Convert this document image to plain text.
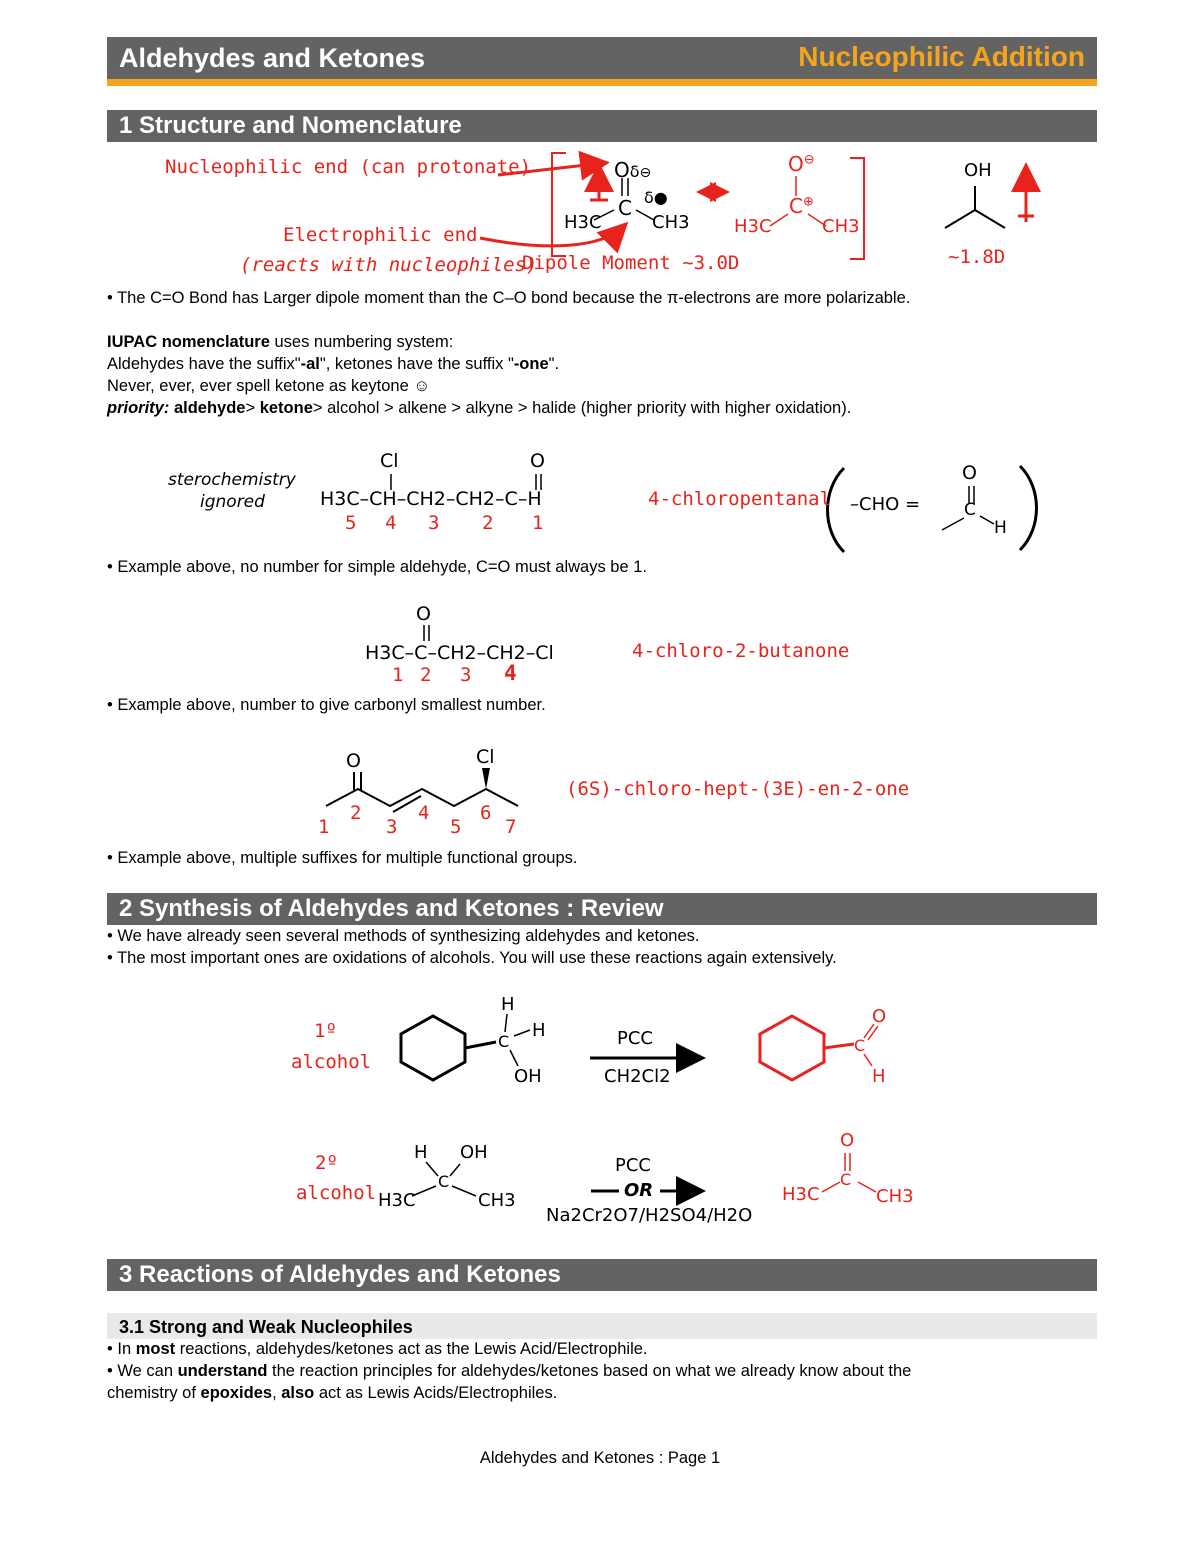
Aldehydes and Ketones	Nucleophilic Addition
1 Structure and Nomenclature
Nucleophilic end (can protonate)
Electrophilic end
(reacts with nucleophiles)
Dipole Moment ~3.0D	~1.8D
Oδ⊖
δ●
C
H3C	CH3
O⊖
C⊕
H3C	CH3
OH
• The C=O Bond has Larger dipole moment than the C–O bond because the π-electrons are more polarizable.
IUPAC nomenclature uses numbering system:
Aldehydes have the suffix"-al", ketones have the suffix "-one".
Never, ever, ever spell ketone as keytone ☺
priority: aldehyde> ketone> alcohol > alkene > alkyne > halide (higher priority with higher oxidation).
sterochemistry
ignored
Cl	O
H3C–CH–CH2–CH2–C–H
5 4 3 2 1
4-chloropentanal –CHO =
O
C
H
• Example above, no number for simple aldehyde, C=O must always be 1.
O
H3C–C–CH2–CH2–Cl
1 2 3 4
4-chloro-2-butanone
• Example above, number to give carbonyl smallest number.
O	Cl
1
2
3
4
5
6
7
(6S)-chloro-hept-(3E)-en-2-one
• Example above, multiple suffixes for multiple functional groups.
2 Synthesis of Aldehydes and Ketones : Review
• We have already seen several methods of synthesizing aldehydes and ketones.
• The most important ones are oxidations of alcohols. You will use these reactions again extensively.
1º
alcohol
H
C
H
OH
PCC
CH2Cl2
O
C
H
2º
alcohol
H OH
C
H3C	CH3
PCC
OR
Na2Cr2O7/H2SO4/H2O
O
C
H3C	CH3
3 Reactions of Aldehydes and Ketones
3.1 Strong and Weak Nucleophiles
• In most reactions, aldehydes/ketones act as the Lewis Acid/Electrophile.
• We can understand the reaction principles for aldehydes/ketones based on what we already know about the
chemistry of epoxides, also act as Lewis Acids/Electrophiles.
Aldehydes and Ketones : Page 1
